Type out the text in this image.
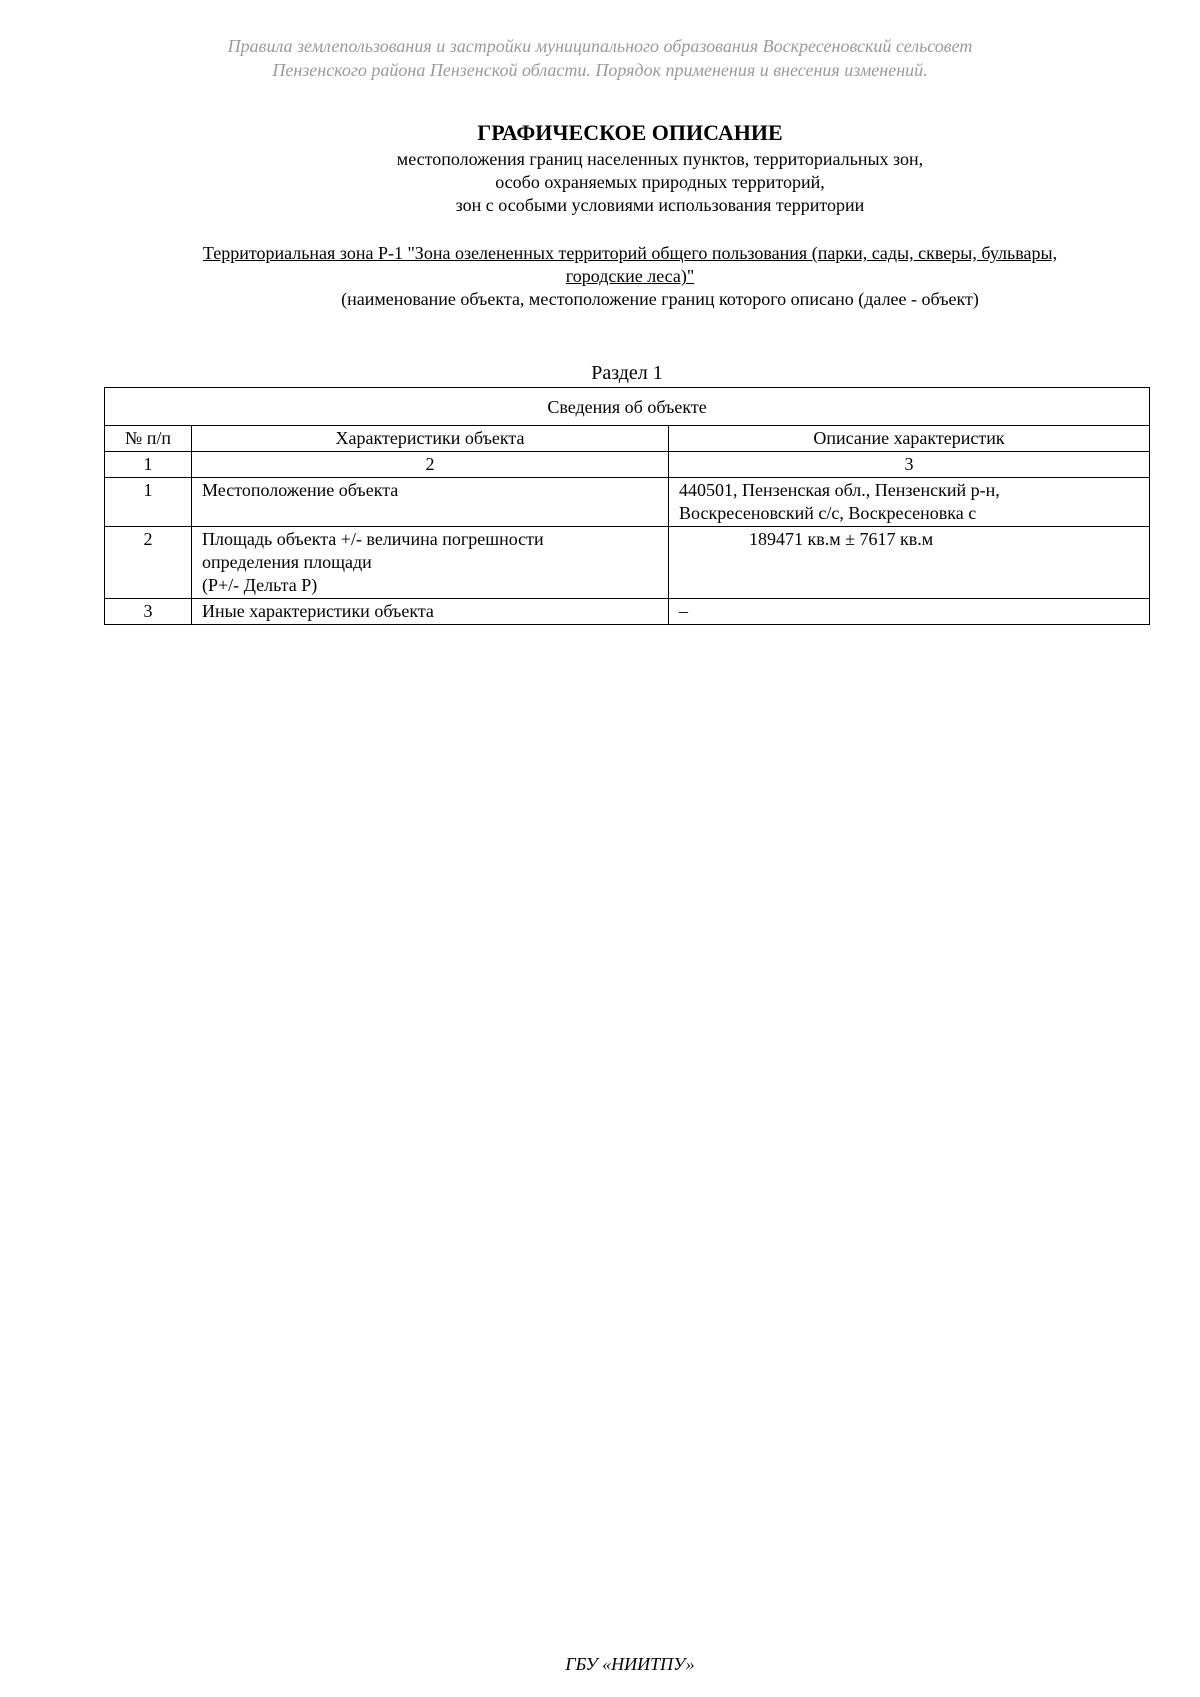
Правила землепользования и застройки муниципального образования Воскресеновский сельсовет
Пензенского района Пензенской области. Порядок применения и внесения изменений.
ГРАФИЧЕСКОЕ ОПИСАНИЕ
местоположения границ населенных пунктов, территориальных зон,
особо охраняемых природных территорий,
зон с особыми условиями использования территории
Территориальная зона Р-1 "Зона озелененных территорий общего пользования (парки, сады, скверы, бульвары,
городские леса)"
(наименование объекта, местоположение границ которого описано (далее - объект)
Раздел 1
Сведения об объекте		
№ п/п	Характеристики объекта	Описание характеристик
1	2	3
1	Местоположение объекта	440501, Пензенская обл., Пензенский р-н,
Воскресеновский с/с, Воскресеновка с

2	Площадь объекта +/- величина погрешности
определения площади
(P+/- Дельта P)	189471 кв.м ± 7617 кв.м

3	Иные характеристики объекта	–
ГБУ «НИИТПУ»
